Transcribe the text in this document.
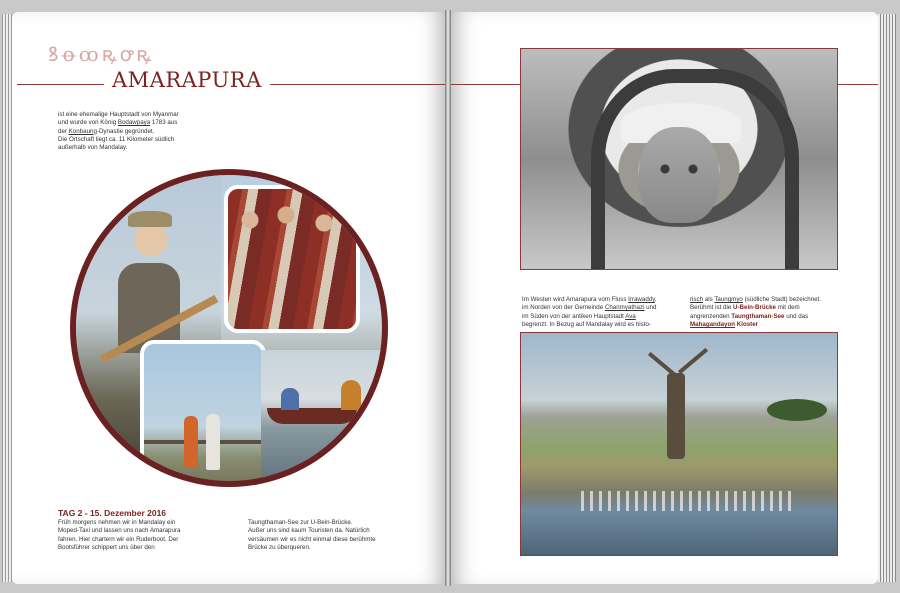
ꝸꝋꝏꝶꝍꝶ
AMARAPURA
ist eine ehemalige Hauptstadt von Myanmar
und wurde von König Bodawpaya 1783 aus
der Konbaung-Dynastie gegründet.
Die Ortschaft liegt ca. 11 Kilometer südlich
außerhalb von Mandalay.
TAG 2 - 15. Dezember 2016
Früh morgens nehmen wir in Mandalay ein
Moped-Taxi und lassen uns nach Amarapura
fahren. Hier chartern wir ein Ruderboot. Der
Bootsführer schippert uns über den
Taungthaman-See zur U-Bein-Brücke.
Außer uns sind kaum Touristen da. Natürlich
versäumen wir es nicht einmal diese berühmte
Brücke zu überqueren.
Im Westen wird Amarapura vom Fluss Irrawaddy,
im Norden von der Gemeinde Chanmyathazi und
im Süden von der antiken Hauptstadt Ava
begrenzt. In Bezug auf Mandalay wird es histo-
risch als Taungmyo (südliche Stadt) bezeichnet.
Berühmt ist die U-Bein-Brücke mit dem
angrenzenden Taungthaman-See und das
Mahagandayon Kloster
